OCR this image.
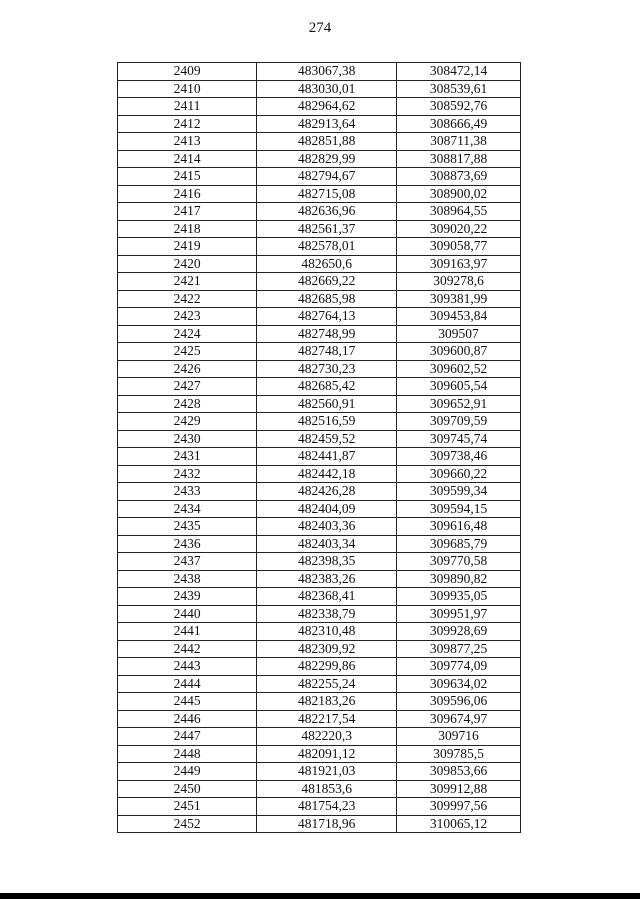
274
2409	483067,38	308472,14
2410	483030,01	308539,61
2411	482964,62	308592,76
2412	482913,64	308666,49
2413	482851,88	308711,38
2414	482829,99	308817,88
2415	482794,67	308873,69
2416	482715,08	308900,02
2417	482636,96	308964,55
2418	482561,37	309020,22
2419	482578,01	309058,77
2420	482650,6	309163,97
2421	482669,22	309278,6
2422	482685,98	309381,99
2423	482764,13	309453,84
2424	482748,99	309507
2425	482748,17	309600,87
2426	482730,23	309602,52
2427	482685,42	309605,54
2428	482560,91	309652,91
2429	482516,59	309709,59
2430	482459,52	309745,74
2431	482441,87	309738,46
2432	482442,18	309660,22
2433	482426,28	309599,34
2434	482404,09	309594,15
2435	482403,36	309616,48
2436	482403,34	309685,79
2437	482398,35	309770,58
2438	482383,26	309890,82
2439	482368,41	309935,05
2440	482338,79	309951,97
2441	482310,48	309928,69
2442	482309,92	309877,25
2443	482299,86	309774,09
2444	482255,24	309634,02
2445	482183,26	309596,06
2446	482217,54	309674,97
2447	482220,3	309716
2448	482091,12	309785,5
2449	481921,03	309853,66
2450	481853,6	309912,88
2451	481754,23	309997,56
2452	481718,96	310065,12
